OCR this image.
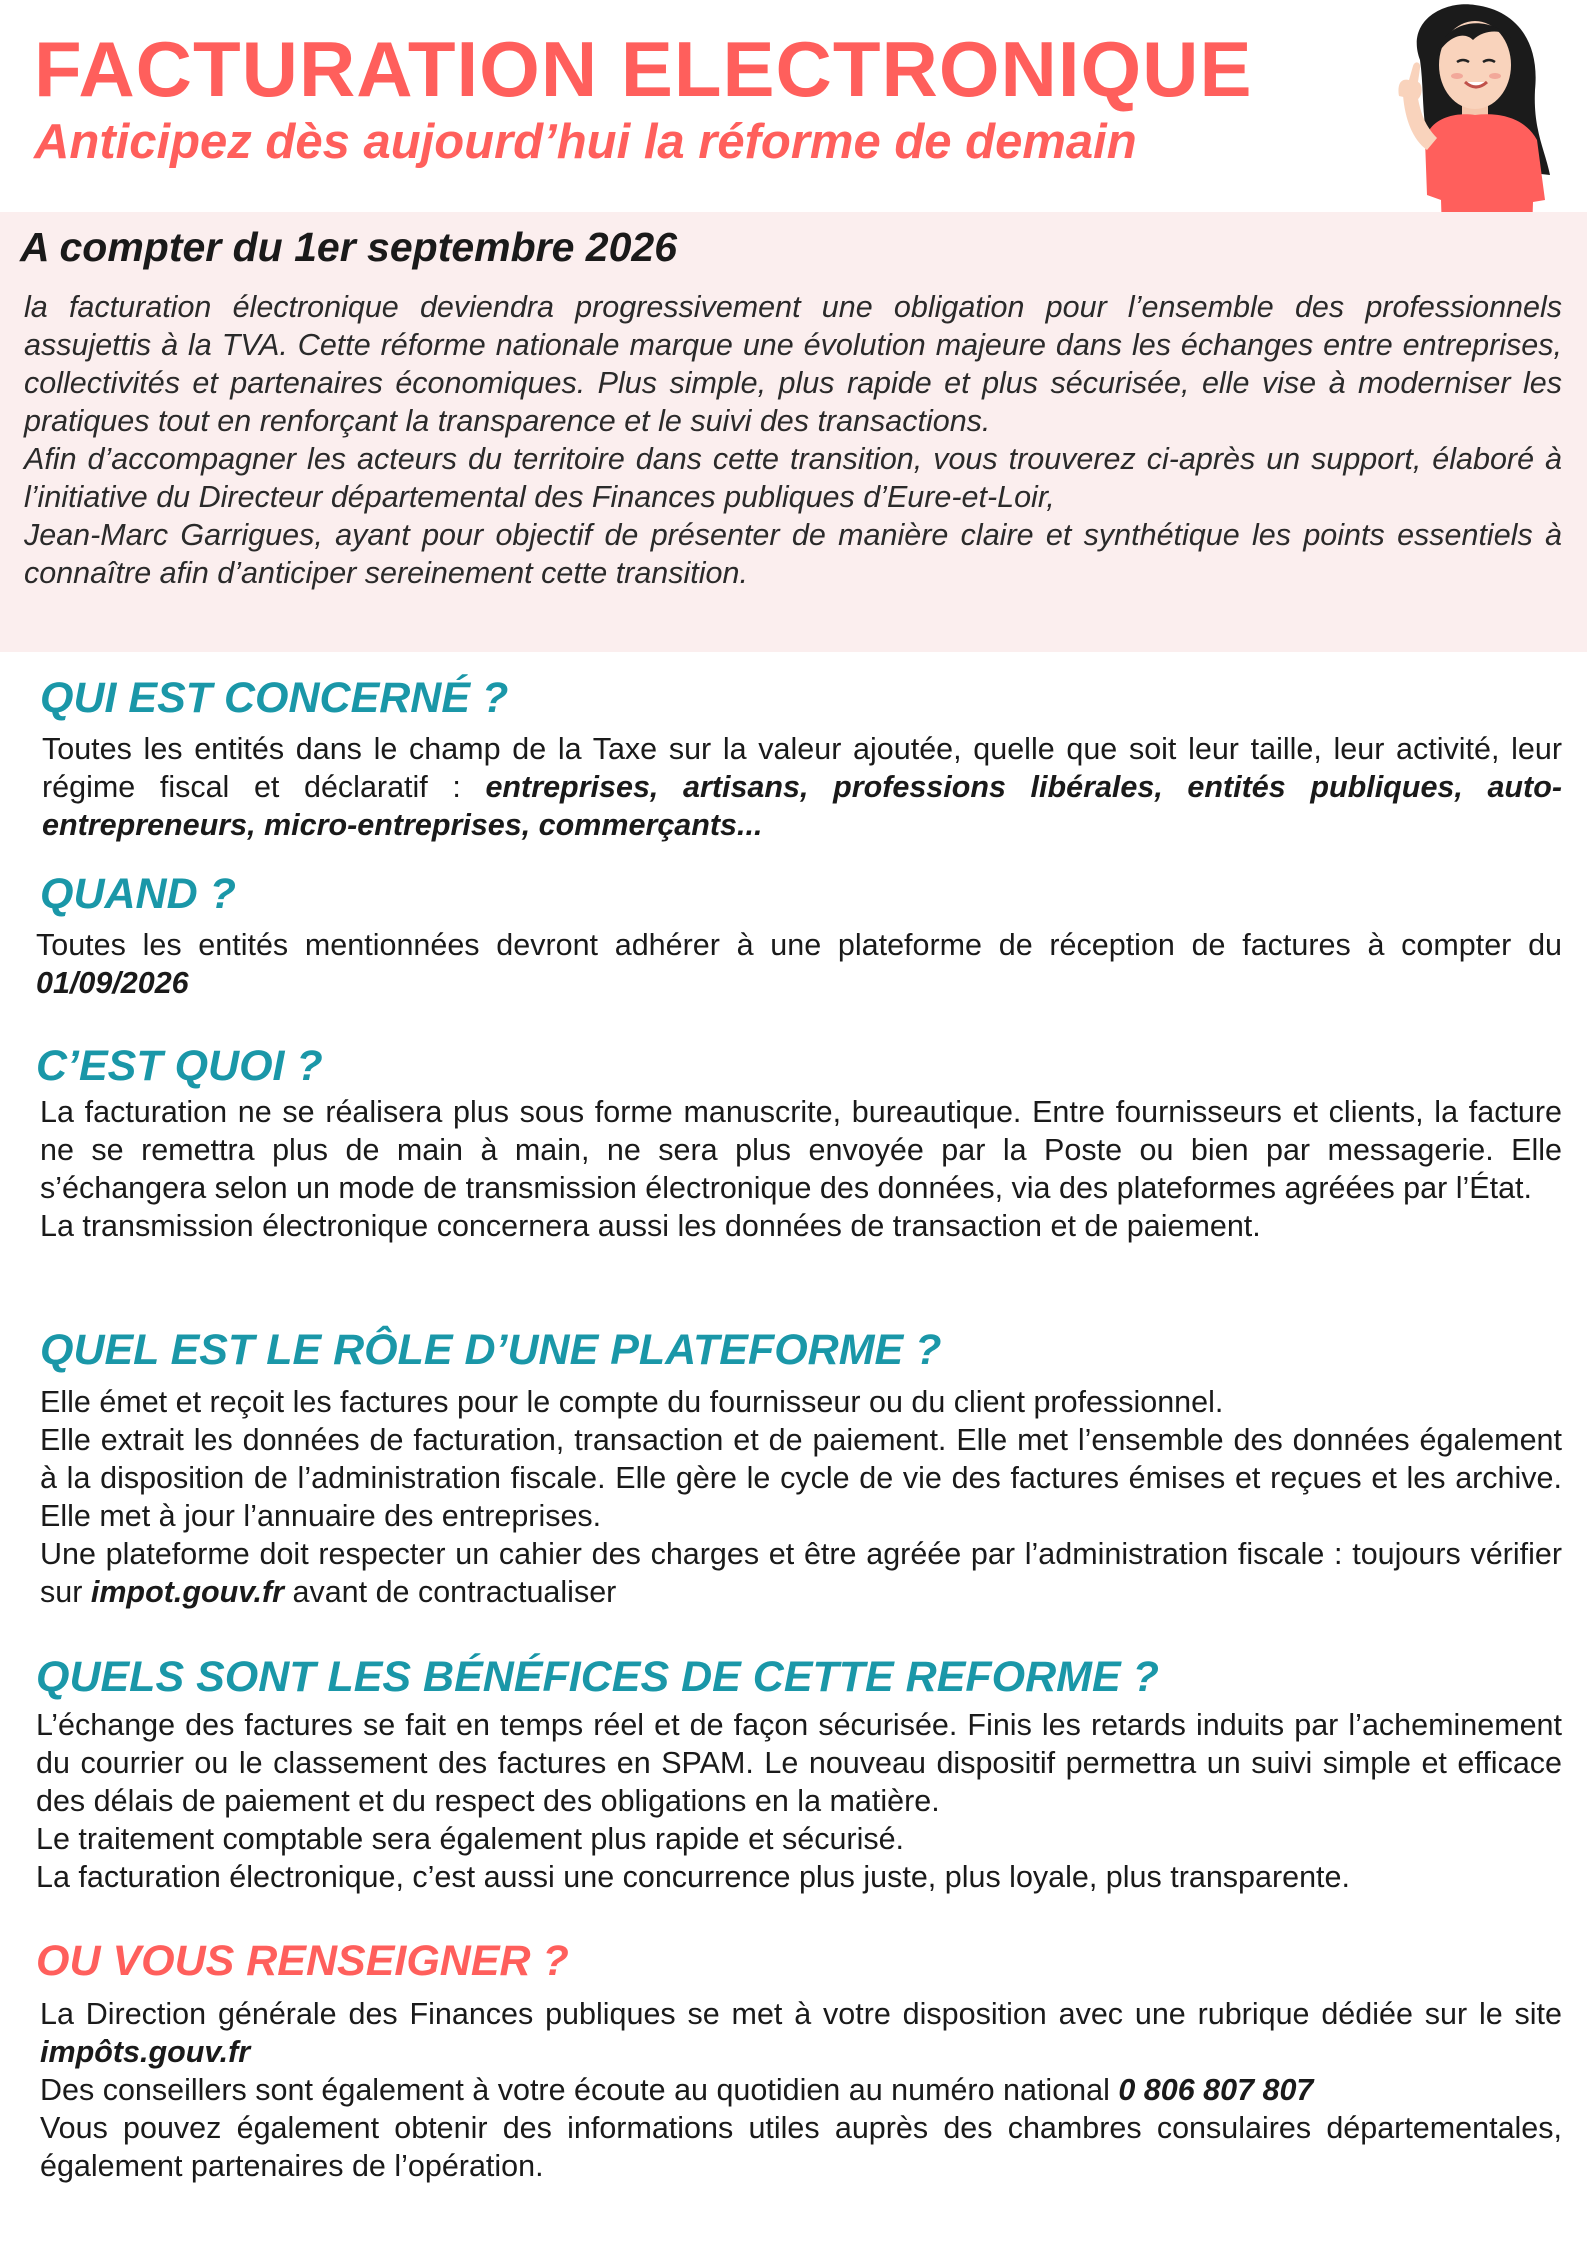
FACTURATION ELECTRONIQUE
Anticipez dès aujourd’hui la réforme de demain
A compter du 1er septembre 2026

la facturation électronique deviendra progressivement une obligation pour l’ensemble des professionnels assujettis à la TVA. Cette réforme nationale marque une évolution majeure dans les échanges entre entreprises, collectivités et partenaires économiques. Plus simple, plus rapide et plus sécurisée, elle vise à moderniser les pratiques tout en renforçant la transparence et le suivi des transactions.
Afin d’accompagner les acteurs du territoire dans cette transition, vous trouverez ci-après un support, élaboré à l’initiative du Directeur départemental des Finances publiques d’Eure-et-Loir,
Jean-Marc Garrigues, ayant pour objectif de présenter de manière claire et synthétique les points essentiels à connaître afin d’anticiper sereinement cette transition.

QUI EST CONCERNÉ ?

Toutes les entités dans le champ de la Taxe sur la valeur ajoutée, quelle que soit leur taille, leur activité, leur régime fiscal et déclaratif : entreprises, artisans, professions libérales, entités publiques, auto-entrepreneurs, micro-entreprises, commerçants...

QUAND ?

Toutes les entités mentionnées devront adhérer à une plateforme de réception de factures à compter du 01/09/2026

C’EST QUOI ?

La facturation ne se réalisera plus sous forme manuscrite, bureautique. Entre fournisseurs et clients, la facture ne se remettra plus de main à main, ne sera plus envoyée par la Poste ou bien par messagerie. Elle s’échangera selon un mode de transmission électronique des données, via des plateformes agréées par l’État.
La transmission électronique concernera aussi les données de transaction et de paiement.

QUEL EST LE RÔLE D’UNE PLATEFORME ?

Elle émet et reçoit les factures pour le compte du fournisseur ou du client professionnel.
Elle extrait les données de facturation, transaction et de paiement. Elle met l’ensemble des données également à la disposition de l’administration fiscale. Elle gère le cycle de vie des factures émises et reçues et les archive. Elle met à jour l’annuaire des entreprises.
Une plateforme doit respecter un cahier des charges et être agréée par l’administration fiscale : toujours vérifier sur impot.gouv.fr avant de contractualiser

QUELS SONT LES BÉNÉFICES DE CETTE REFORME ?

L’échange des factures se fait en temps réel et de façon sécurisée. Finis les retards induits par l’acheminement du courrier ou le classement des factures en SPAM. Le nouveau dispositif permettra un suivi simple et efficace des délais de paiement et du respect des obligations en la matière.
Le traitement comptable sera également plus rapide et sécurisé.
La facturation électronique, c’est aussi une concurrence plus juste, plus loyale, plus transparente.

OU VOUS RENSEIGNER ?

La Direction générale des Finances publiques se met à votre disposition avec une rubrique dédiée sur le site impôts.gouv.fr
Des conseillers sont également à votre écoute au quotidien au numéro national 0 806 807 807
Vous pouvez également obtenir des informations utiles auprès des chambres consulaires départementales, également partenaires de l’opération.
